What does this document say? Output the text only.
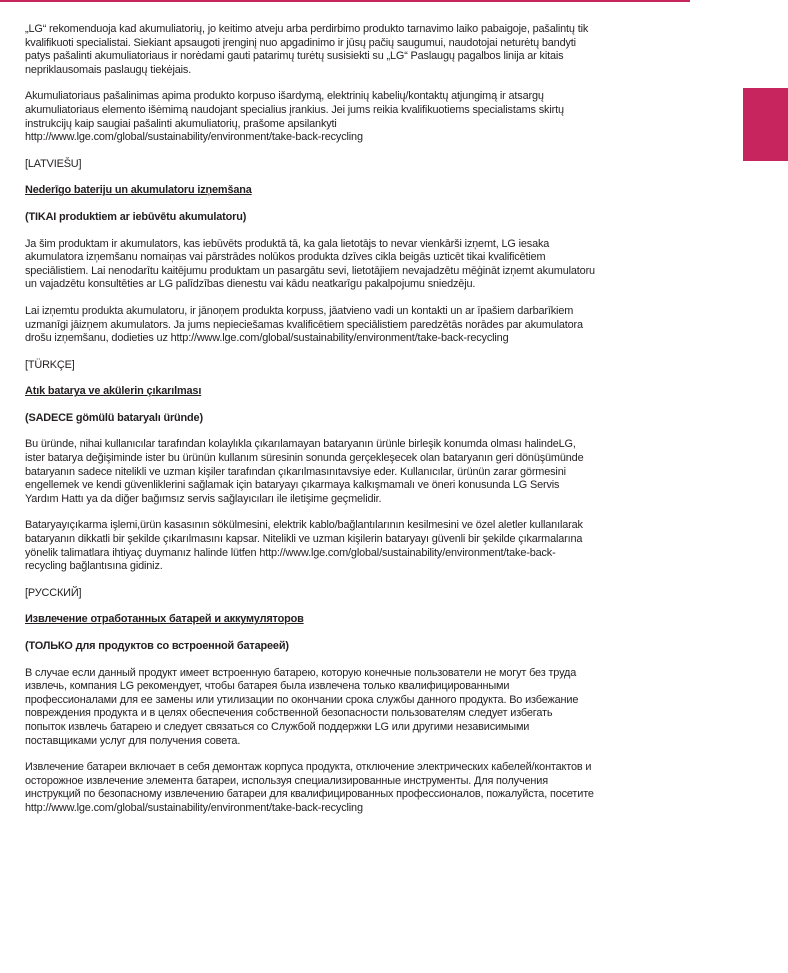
„LG“ rekomenduoja kad akumuliatorių, jo keitimo atveju arba perdirbimo produkto tarnavimo laiko pabaigoje, pašalintų tik kvalifikuoti specialistai. Siekiant apsaugoti įrenginį nuo apgadinimo ir jūsų pačių saugumui, naudotojai neturėtų bandyti patys pašalinti akumuliatoriaus ir norėdami gauti patarimų turėtų susisiekti su „LG“ Paslaugų pagalbos linija ar kitais nepriklausomais paslaugų tiekėjais.

Akumuliatoriaus pašalinimas apima produkto korpuso išardymą, elektrinių kabelių/kontaktų atjungimą ir atsargų akumuliatoriaus elemento išėmimą naudojant specialius įrankius. Jei jums reikia kvalifikuotiems specialistams skirtų instrukcijų kaip saugiai pašalinti akumuliatorių, prašome apsilankyti http://www.lge.com/global/sustainability/environment/take-back-recycling

[LATVIEŠU]

Nederīgo bateriju un akumulatoru izņemšana

(TIKAI produktiem ar iebūvētu akumulatoru)

Ja šim produktam ir akumulators, kas iebūvēts produktā tā, ka gala lietotājs to nevar vienkārši izņemt, LG iesaka akumulatora izņemšanu nomaiņas vai pārstrādes nolūkos produkta dzīves cikla beigās uzticēt tikai kvalificētiem speciālistiem. Lai nenodarītu kaitējumu produktam un pasargātu sevi, lietotājiem nevajadzētu mēģināt izņemt akumulatoru un vajadzētu konsultēties ar LG palīdzības dienestu vai kādu neatkarīgu pakalpojumu sniedzēju.

Lai izņemtu produkta akumulatoru, ir jānoņem produkta korpuss, jāatvieno vadi un kontakti un ar īpašiem darbarīkiem uzmanīgi jāizņem akumulators. Ja jums nepieciešamas kvalificētiem speciālistiem paredzētās norādes par akumulatora drošu izņemšanu, dodieties uz http://www.lge.com/global/sustainability/environment/take-back-recycling

[TÜRKÇE]

Atık batarya ve akülerin çıkarılması

(SADECE gömülü bataryalı üründe)

Bu üründe, nihai kullanıcılar tarafından kolaylıkla çıkarılamayan bataryanın ürünle birleşik konumda olması halindeLG, ister batarya değişiminde ister bu ürünün kullanım süresinin sonunda gerçekleşecek olan bataryanın geri dönüşümünde bataryanın sadece nitelikli ve uzman kişiler tarafından çıkarılmasınıtavsiye eder. Kullanıcılar, ürünün zarar görmesini engellemek ve kendi güvenliklerini sağlamak için bataryayı çıkarmaya kalkışmamalı ve öneri konusunda LG Servis Yardım Hattı ya da diğer bağımsız servis sağlayıcıları ile iletişime geçmelidir.

Bataryayıçıkarma işlemi,ürün kasasının sökülmesini, elektrik kablo/bağlantılarının kesilmesini ve özel aletler kullanılarak bataryanın dikkatli bir şekilde çıkarılmasını kapsar. Nitelikli ve uzman kişilerin bataryayı güvenli bir şekilde çıkarmalarına yönelik talimatlara ihtiyaç duymanız halinde lütfen http://www.lge.com/global/sustainability/environment/take-back-recycling bağlantısına gidiniz.

[РУССКИЙ]

Извлечение отработанных батарей и аккумуляторов

(ТОЛЬКО для продуктов со встроенной батареей)

В случае если данный продукт имеет встроенную батарею, которую конечные пользователи не могут без труда извлечь, компания LG рекомендует, чтобы батарея была извлечена только квалифицированными профессионалами для ее замены или утилизации по окончании срока службы данного продукта. Во избежание повреждения продукта и в целях обеспечения собственной безопасности пользователям следует избегать попыток извлечь батарею и следует связаться со Службой поддержки LG или другими независимыми поставщиками услуг для получения совета.

Извлечение батареи включает в себя демонтаж корпуса продукта, отключение электрических кабелей/контактов и осторожное извлечение элемента батареи, используя специализированные инструменты. Для получения инструкций по безопасному извлечению батареи для квалифицированных профессионалов, пожалуйста, посетите http://www.lge.com/global/sustainability/environment/take-back-recycling
